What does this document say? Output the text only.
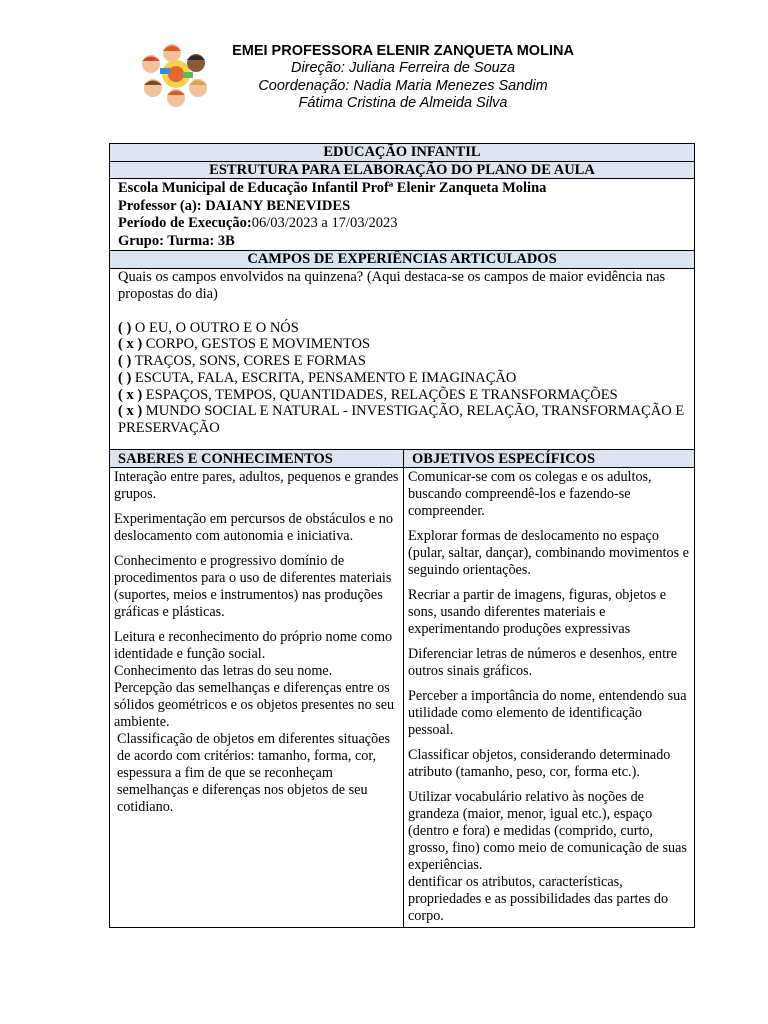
EMEI PROFESSORA ELENIR ZANQUETA MOLINA
Direção: Juliana Ferreira de Souza
Coordenação: Nadia Maria Menezes Sandim
Fátima Cristina de Almeida Silva
EDUCAÇÃO INFANTIL
ESTRUTURA PARA ELABORAÇÃO DO PLANO DE AULA
Escola Municipal de Educação Infantil Profª Elenir Zanqueta Molina
Professor (a): DAIANY BENEVIDES
Período de Execução:06/03/2023 a 17/03/2023
Grupo: Turma: 3B
CAMPOS DE EXPERIÊNCIAS ARTICULADOS
Quais os campos envolvidos na quinzena? (Aqui destaca-se os campos de maior evidência nas propostas do dia)
( ) O EU, O OUTRO E O NÓS
( x ) CORPO, GESTOS E MOVIMENTOS
( ) TRAÇOS, SONS, CORES E FORMAS
( ) ESCUTA, FALA, ESCRITA, PENSAMENTO E IMAGINAÇÃO
( x ) ESPAÇOS, TEMPOS, QUANTIDADES, RELAÇÕES E TRANSFORMAÇÕES
( x ) MUNDO SOCIAL E NATURAL - INVESTIGAÇÃO, RELAÇÃO, TRANSFORMAÇÃO E PRESERVAÇÃO
SABERES E CONHECIMENTOS

Interação entre pares, adultos, pequenos e grandes grupos.

Experimentação em percursos de obstáculos e no deslocamento com autonomia e iniciativa.

Conhecimento e progressivo domínio de procedimentos para o uso de diferentes materiais (suportes, meios e instrumentos) nas produções gráficas e plásticas.

Leitura e reconhecimento do próprio nome como identidade e função social.

Conhecimento das letras do seu nome.

Percepção das semelhanças e diferenças entre os sólidos geométricos e os objetos presentes no seu ambiente.

Classificação de objetos em diferentes situações de acordo com critérios: tamanho, forma, cor, espessura a fim de que se reconheçam semelhanças e diferenças nos objetos de seu cotidiano.

OBJETIVOS ESPECÍFICOS

Comunicar-se com os colegas e os adultos, buscando compreendê-los e fazendo-se compreender.

Explorar formas de deslocamento no espaço (pular, saltar, dançar), combinando movimentos e seguindo orientações.

Recriar a partir de imagens, figuras, objetos e sons, usando diferentes materiais e experimentando produções expressivas

Diferenciar letras de números e desenhos, entre outros sinais gráficos.

Perceber a importância do nome, entendendo sua utilidade como elemento de identificação pessoal.

Classificar objetos, considerando determinado atributo (tamanho, peso, cor, forma etc.).

Utilizar vocabulário relativo às noções de grandeza (maior, menor, igual etc.), espaço (dentro e fora) e medidas (comprido, curto, grosso, fino) como meio de comunicação de suas experiências.

dentificar os atributos, características, propriedades e as possibilidades das partes do corpo.
